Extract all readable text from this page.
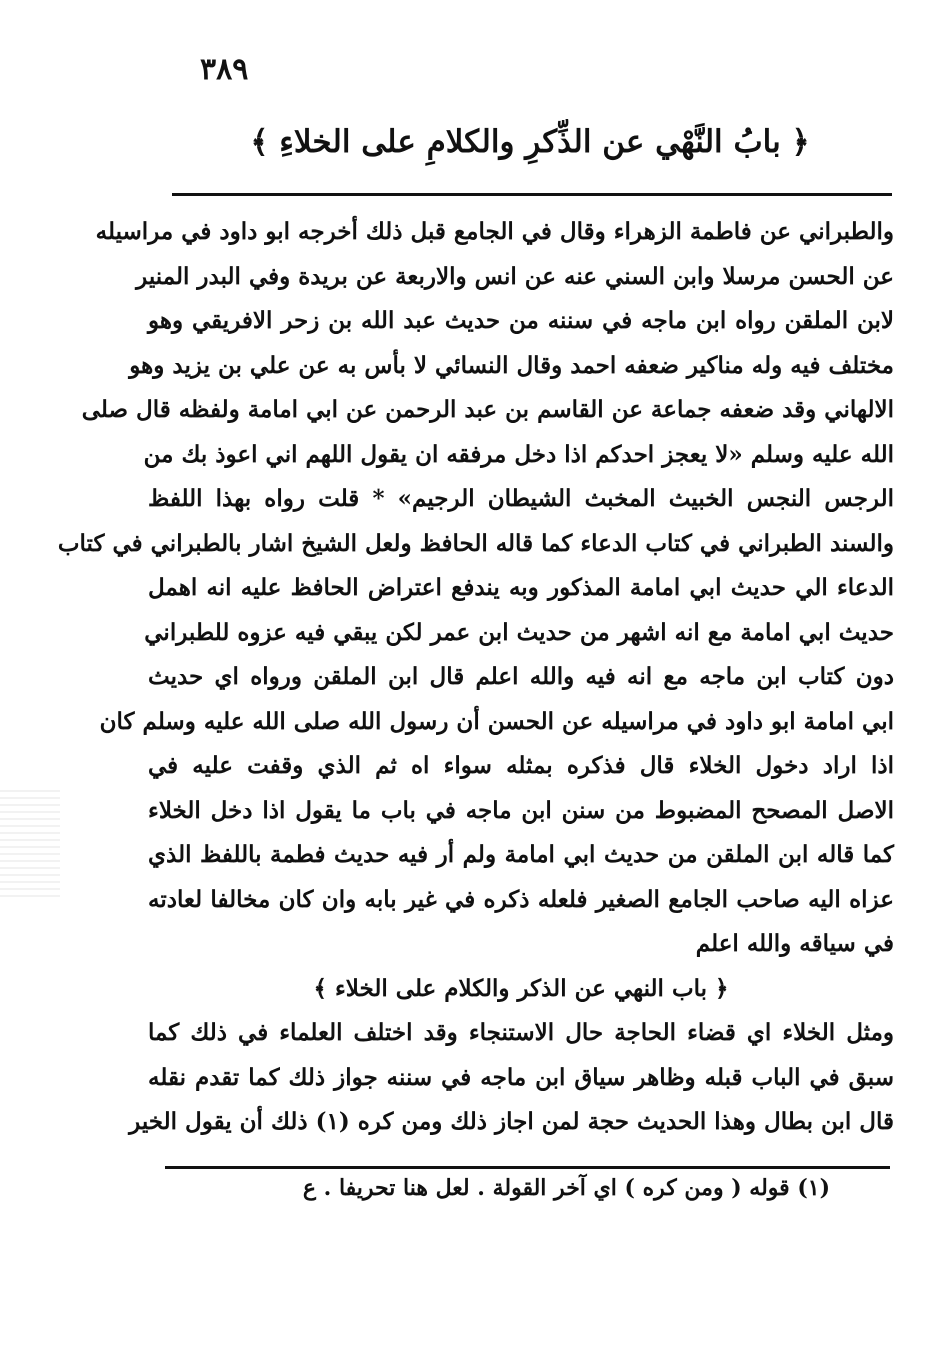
٣٨٩
﴿ بابُ النَّهْي عن الذِّكرِ والكلامِ على الخلاءِ ﴾
والطبراني عن فاطمة الزهراء وقال في الجامع قبل ذلك أخرجه ابو داود في مراسيله
عن الحسن مرسلا وابن السني عنه عن انس والاربعة عن بريدة وفي البدر المنير
لابن الملقن رواه ابن ماجه في سننه من حديث عبد الله بن زحر الافريقي وهو
مختلف فيه وله مناكير ضعفه احمد وقال النسائي لا بأس به عن علي بن يزيد وهو
الالهاني وقد ضعفه جماعة عن القاسم بن عبد الرحمن عن ابي امامة ولفظه قال صلى
الله عليه وسلم «لا يعجز احدكم اذا دخل مرفقه ان يقول اللهم اني اعوذ بك من
الرجس النجس الخبيث المخبث الشيطان الرجيم» * قلت رواه بهذا اللفظ
والسند الطبراني في كتاب الدعاء كما قاله الحافظ ولعل الشيخ اشار بالطبراني في كتاب
الدعاء الي حديث ابي امامة المذكور وبه يندفع اعتراض الحافظ عليه انه اهمل
حديث ابي امامة مع انه اشهر من حديث ابن عمر لكن يبقي فيه عزوه للطبراني
دون كتاب ابن ماجه مع انه فيه والله اعلم قال ابن الملقن ورواه اي حديث
ابي امامة ابو داود في مراسيله عن الحسن أن رسول الله صلى الله عليه وسلم كان
اذا اراد دخول الخلاء قال فذكره بمثله سواء اه ثم الذي وقفت عليه في
الاصل المصحح المضبوط من سنن ابن ماجه في باب ما يقول اذا دخل الخلاء
كما قاله ابن الملقن من حديث ابي امامة ولم أر فيه حديث فطمة باللفظ الذي
عزاه اليه صاحب الجامع الصغير فلعله ذكره في غير بابه وان كان مخالفا لعادته
في سياقه والله اعلم
﴿ باب النهي عن الذكر والكلام على الخلاء ﴾
ومثل الخلاء اي قضاء الحاجة حال الاستنجاء وقد اختلف العلماء في ذلك كما
سبق في الباب قبله وظاهر سياق ابن ماجه في سننه جواز ذلك كما تقدم نقله
قال ابن بطال وهذا الحديث حجة لمن اجاز ذلك ومن كره (١) ذلك أن يقول الخير
(١) قوله ( ومن كره ) اي آخر القولة . لعل هنا تحريفا . ع
